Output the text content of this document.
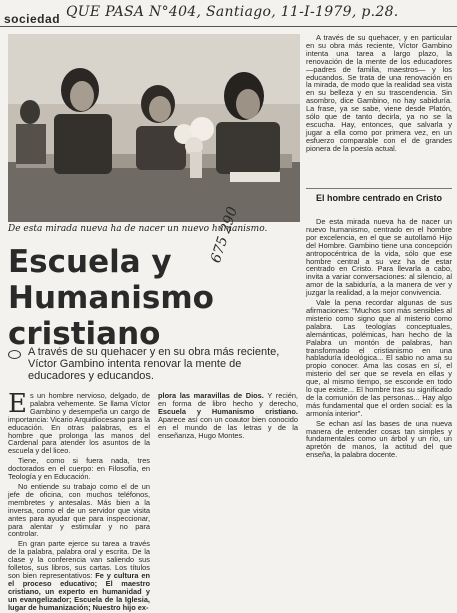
sociedad QUE PASA N°404, Santiago, 11-I-1979, p.28.
De esta mirada nueva ha de nacer un nuevo humanismo.
Escuela y
Humanismo
cristiano
675 290
A través de su quehacer y en su obra más reciente, Víctor Gambino intenta renovar la mente de educadores y educandos.

Es un hombre nervioso, delgado, de palabra vehemente. Se llama Víctor Gambino y desempeña un cargo de importancia: Vicario Arquidiocesano para la educación. En otras palabras, es el hombre que prolonga las manos del Cardenal para atender los asuntos de la escuela y del liceo.

Tiene, como si fuera nada, tres doctorados en el cuerpo: en Filosofía, en Teología y en Educación.

No entiende su trabajo como el de un jefe de oficina, con muchos teléfonos, membretes y antesalas. Más bien a la inversa, como el de un servidor que visita antes para ayudar que para inspeccionar, para alentar y estimular y no para controlar.

En gran parte ejerce su tarea a través de la palabra, palabra oral y escrita. De la clase y la conferencia van saliendo sus folletos, sus libros, sus cartas. Los títulos son bien representativos: Fe y cultura en el proceso educativo; El maestro cristiano, un experto en humanidad y un evangelizador; Escuela de la Iglesia, lugar de humanización; Nuestro hijo ex-

plora las maravillas de Dios. Y recién, en forma de libro hecho y derecho, Escuela y Humanismo cristiano. Aparece así con un coautor bien conocido en el mundo de las letras y de la enseñanza, Hugo Montes.

A través de su quehacer, y en particular en su obra más reciente, Víctor Gambino intenta una tarea a largo plazo, la renovación de la mente de los educadores —padres de familia, maestros— y los educandos. Se trata de una renovación en la mirada, de modo que la realidad sea vista en su belleza y en su trascendencia. Sin asombro, dice Gambino, no hay sabiduría. La frase, ya se sabe, viene desde Platón, sólo que de tanto decirla, ya no se la escucha. Hay, entonces, que salvarla y jugar a ella como por primera vez, en un esfuerzo comparable con el de grandes pionera de la poesía actual.

El hombre centrado en Cristo

De esta mirada nueva ha de nacer un nuevo humanismo, centrado en el hombre por excelencia, en el que se autollamó Hijo del Hombre. Gambino tiene una concepción antropocéntrica de la vida, sólo que ese hombre central a su vez ha de estar centrado en Cristo. Para llevarla a cabo, invita a variar conversaciones: al silencio, al amor de la sabiduría, a la manera de ver y juzgar la realidad, a la mejor convivencia.

Vale la pena recordar algunas de sus afirmaciones: "Muchos son más sensibles al misterio como signo que al misterio como palabra. Las teologías conceptuales, alemánticas, polémicas, han hecho de la Palabra un montón de palabras, han transformado el cristianismo en una habladuría ideológica... El sabio no ama su propio conocer. Ama las cosas en sí, el misterio del ser que se revela en ellas y que, al mismo tiempo, se esconde en todo lo que existe... El hombre tras su significado de la comunión de las personas... Hay algo más fundamental que el orden social: es la armonía interior".

Se echan así las bases de una nueva manera de entender cosas tan simples y fundamentales como un árbol y un río, un apretón de manos, la actitud del que enseña, la palabra docente.
